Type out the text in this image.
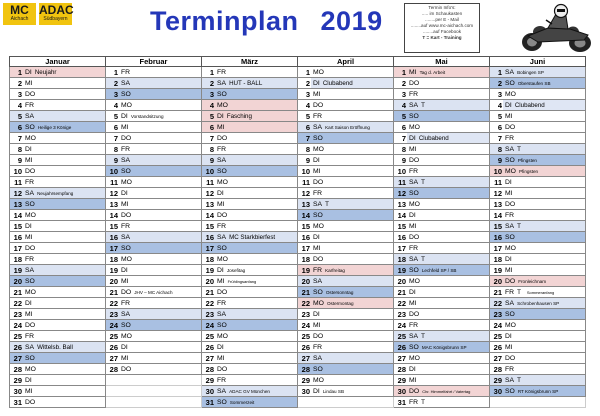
MC
Aichach
ADAC
Südbayern	Terminplan 2019	Termin Info's:
..... im Schaukasten
........per E - Mail
........auf www.mc-aichach.com
........auf Facebook
T = Kart - Training
Januar		Februar		März		April		Mai		Juni	
1	DI Neujahr	1	FR	1	FR	1	MO	1	MI Tag d. Arbeit	1	SA Bobingen SP
2	MI	2	SA	2	SA HUT - BALL	2	DI Clubabend	2	DO	2	SO Oberstaufen SB
3	DO	3	SO	3	SO	3	MI	3	FR	3	MO
4	FR	4	MO	4	MO	4	DO	4	SA T	4	DI Clubabend
5	SA	5	DI Vorstandsitzung	5	DI Fasching	5	FR	5	SO	5	MI
6	SO Heilige 3 Könige	6	MI	6	MI	6	SA Kart Saison Eröffnung	6	MO	6	DO
7	MO	7	DO	7	DO	7	SO	7	DI Clubabend	7	FR
8	DI	8	FR	8	FR	8	MO	8	MI	8	SA T
9	MI	9	SA	9	SA	9	DI	9	DO	9	SO Pfingsten
10	DO	10	SO	10	SO	10	MI	10	FR	10	MO Pfingsten
11	FR	11	MO	11	MO	11	DO	11	SA T	11	DI
12	SA Neujahrsempfang	12	DI	12	DI	12	FR	12	SO	12	MI
13	SO	13	MI	13	MI	13	SA T	13	MO	13	DO
14	MO	14	DO	14	DO	14	SO	14	DI	14	FR
15	DI	15	FR	15	FR	15	MO	15	MI	15	SA T
16	MI	16	SA	16	SA MC Starkbierfest	16	DI	16	DO	16	SO
17	DO	17	SO	17	SO	17	MI	17	FR	17	MO
18	FR	18	MO	18	MO	18	DO	18	SA T	18	DI
19	SA	19	DI	19	DI Josefitag	19	FR Karfreitag	19	SO Lechfeld SP / SB	19	MI
20	SO	20	MI	20	MI Frühlingsanfang	20	SA	20	MO	20	DO Fronleichnam
21	MO	21	DO JHV – MC Aichach	21	DO	21	SO Ostersonntag	21	DI	21	FR T Sommeranfang
22	DI	22	FR	22	FR	22	MO Ostermontag	22	MI	22	SA Schrobenhausen SP
23	MI	23	SA	23	SA	23	DI	23	DO	23	SO
24	DO	24	SO	24	SO	24	MI	24	FR	24	MO
25	FR	25	MO	25	MO	25	DO	25	SA T	25	DI
26	SA Wittelsb. Ball	26	DI	26	DI	26	FR	26	SO MAC Königsbrunn SP	26	MI
27	SO	27	MI	27	MI	27	SA	27	MO	27	DO
28	MO	28	DO	28	DO	28	SO	28	DI	28	FR
29	DI			29	FR	29	MO	29	MI	29	SA T
30	MI			30	SA ADAC GV München	30	DI Lindau SB	30	DO Chr. Himmelfahrt / Vatertag	30	SO RT Königsbrunn SP
31	DO			31	SO Sommerzeit			31	FR T		
